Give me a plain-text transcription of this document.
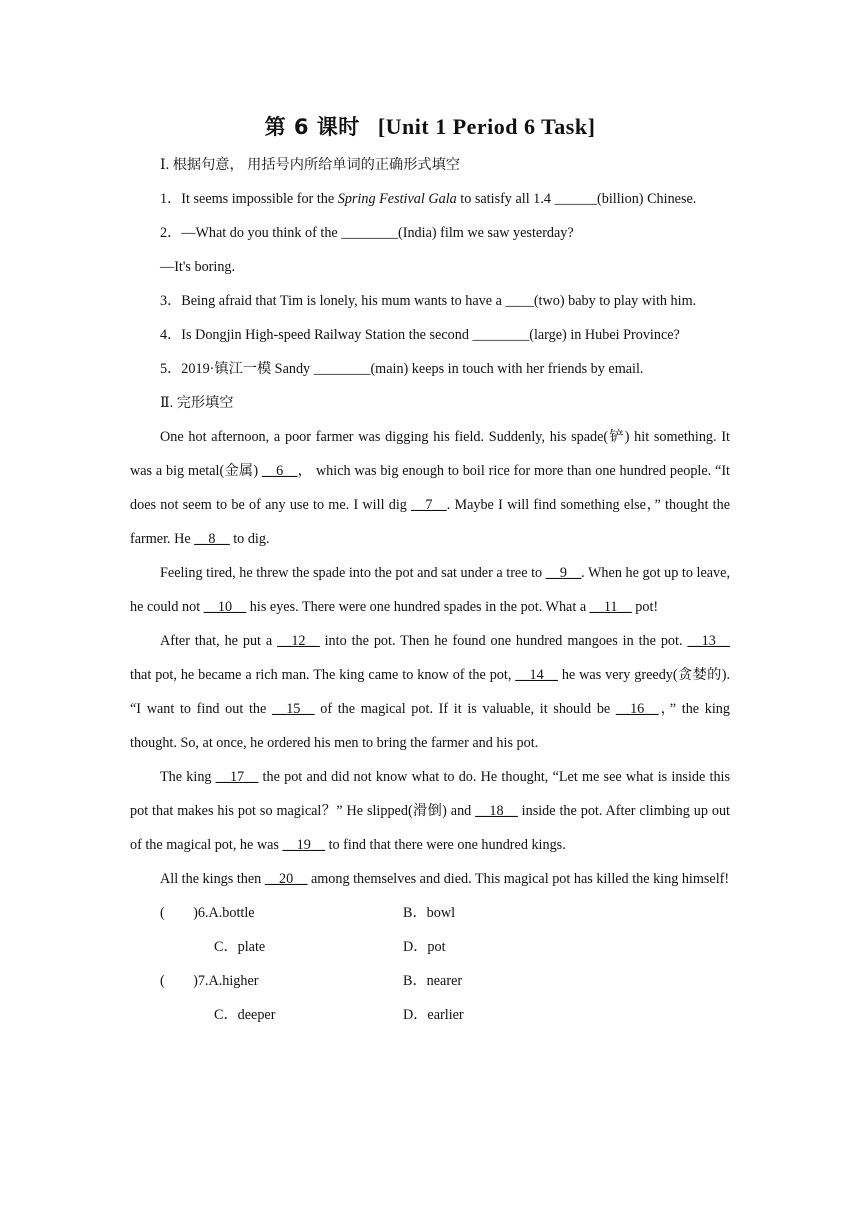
第 6 课时 [Unit 1 Period 6 Task]
Ⅰ. 根据句意， 用括号内所给单词的正确形式填空
1．It seems impossible for the Spring Festival Gala to satisfy all 1.4 ______(billion) Chinese.
2．—What do you think of the ________(India) film we saw yesterday?
—It's boring.
3．Being afraid that Tim is lonely, his mum wants to have a ____(two) baby to play with him.
4．Is Dongjin High-speed Railway Station the second ________(large) in Hubei Province?
5．2019·镇江一模 Sandy ________(main) keeps in touch with her friends by email.
Ⅱ. 完形填空

One hot afternoon, a poor farmer was digging his field. Suddenly, his spade(铲) hit something. It was a big metal(金属) __6__， which was big enough to boil rice for more than one hundred people. “It does not seem to be of any use to me. I will dig __7__. Maybe I will find something else，” thought the farmer. He __8__ to dig.

Feeling tired, he threw the spade into the pot and sat under a tree to __9__. When he got up to leave, he could not __10__ his eyes. There were one hundred spades in the pot. What a __11__ pot!

After that, he put a __12__ into the pot. Then he found one hundred mangoes in the pot. __13__ that pot, he became a rich man. The king came to know of the pot, __14__ he was very greedy(贪婪的). “I want to find out the __15__ of the magical pot. If it is valuable, it should be __16__，” the king thought. So, at once, he ordered his men to bring the farmer and his pot.

The king __17__ the pot and did not know what to do. He thought, “Let me see what is inside this pot that makes his pot so magical？” He slipped(滑倒) and __18__ inside the pot. After climbing up out of the magical pot, he was __19__ to find that there were one hundred kings.

All the kings then __20__ among themselves and died. This magical pot has killed the king himself!

(　　)6.A.bottle	B．bowl
C．plate	D．pot
(　　)7.A.higher	B．nearer
C．deeper	D．earlier
